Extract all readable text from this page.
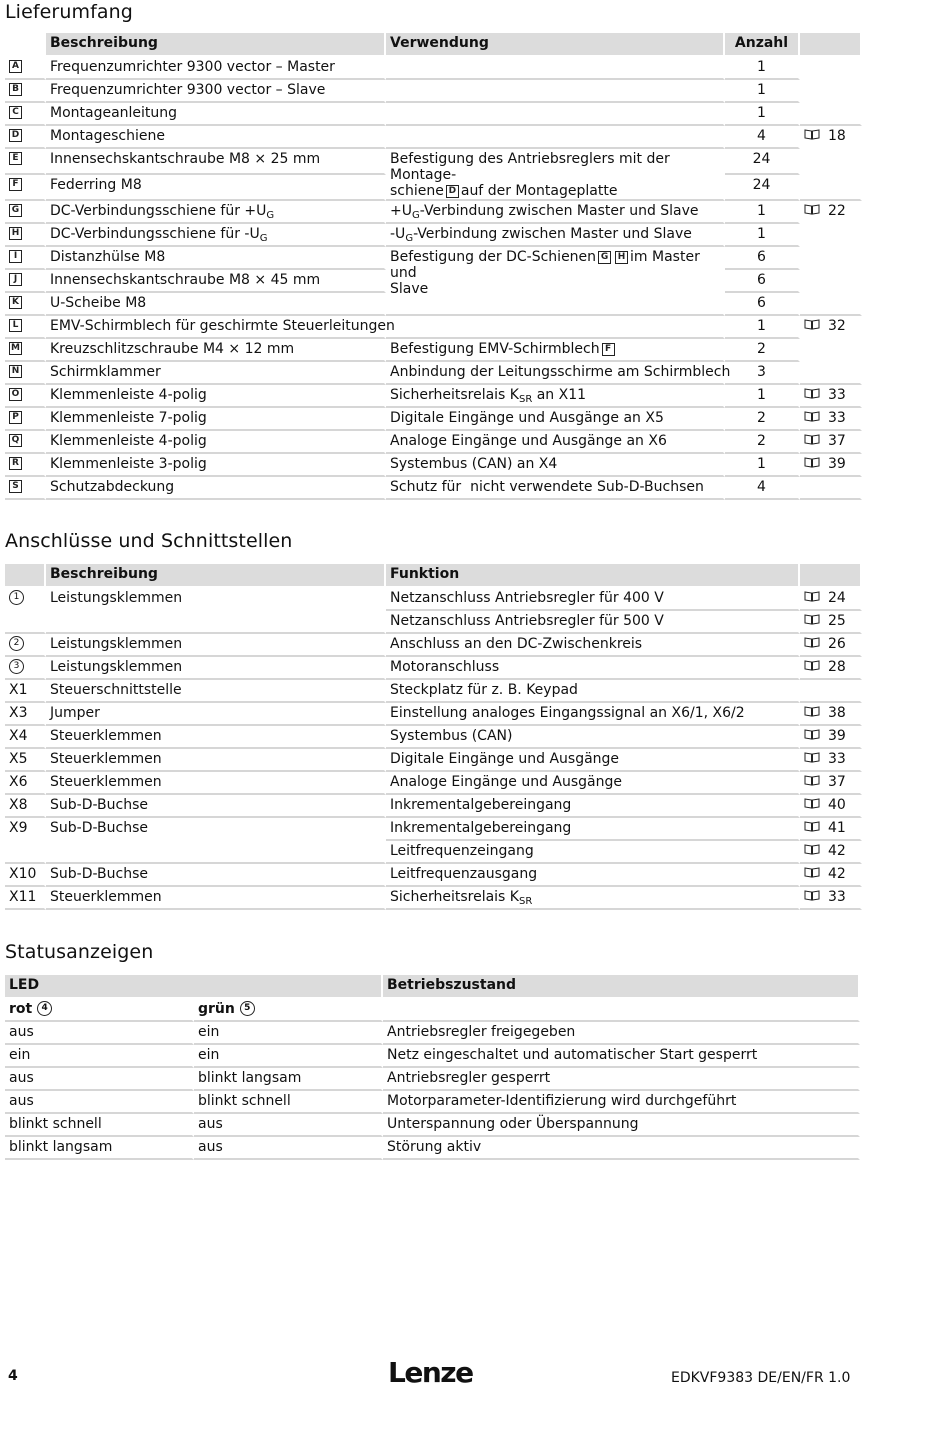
Lieferumfang
	Beschreibung	Verwendung	Anzahl	
A	Frequenzumrichter 9300 vector – Master		1	
B	Frequenzumrichter 9300 vector – Slave		1	
C	Montageanleitung		1	
D	Montageschiene		4	18
E	Innensechskantschraube M8 × 25 mm	Befestigung des Antriebsreglers mit der Montage-
schiene D auf der Montageplatte	24	
F	Federring M8		24	
G	DC-Verbindungsschiene für $+U_G$	$+U_G$-Verbindung zwischen Master und Slave	1	22
H	DC-Verbindungsschiene für $-U_G$	$-U_G$-Verbindung zwischen Master und Slave	1	
I	Distanzhülse M8	Befestigung der DC-Schienen G H im Master und
Slave	6	
J	Innensechskantschraube M8 × 45 mm		6	
K	U-Scheibe M8		6	
L	EMV-Schirmblech für geschirmte Steuerleitungen		1	32
M	Kreuzschlitzschraube M4 × 12 mm	Befestigung EMV-Schirmblech F	2	
N	Schirmklammer	Anbindung der Leitungsschirme am Schirmblech	3	
O	Klemmenleiste 4-polig	Sicherheitsrelais $K_{SR}$ an X11	1	33
P	Klemmenleiste 7-polig	Digitale Eingänge und Ausgänge an X5	2	33
Q	Klemmenleiste 4-polig	Analoge Eingänge und Ausgänge an X6	2	37
R	Klemmenleiste 3-polig	Systembus (CAN) an X4	1	39
S	Schutzabdeckung	Schutz für  nicht verwendete Sub-D-Buchsen	4	
Anschlüsse und Schnittstellen
	Beschreibung	Funktion	
1	Leistungsklemmen	Netzanschluss Antriebsregler für 400 V	24
		Netzanschluss Antriebsregler für 500 V	25
2	Leistungsklemmen	Anschluss an den DC-Zwischenkreis	26
3	Leistungsklemmen	Motoranschluss	28
X1	Steuerschnittstelle	Steckplatz für z. B. Keypad	
X3	Jumper	Einstellung analoges Eingangssignal an X6/1, X6/2	38
X4	Steuerklemmen	Systembus (CAN)	39
X5	Steuerklemmen	Digitale Eingänge und Ausgänge	33
X6	Steuerklemmen	Analoge Eingänge und Ausgänge	37
X8	Sub-D-Buchse	Inkrementalgebereingang	40
X9	Sub-D-Buchse	Inkrementalgebereingang	41
		Leitfrequenzeingang	42
X10	Sub-D-Buchse	Leitfrequenzausgang	42
X11	Steuerklemmen	Sicherheitsrelais $K_{SR}$	33
Statusanzeigen
LED		Betriebszustand
rot 4	grün 5	
aus	ein	Antriebsregler freigegeben
ein	ein	Netz eingeschaltet und automatischer Start gesperrt
aus	blinkt langsam	Antriebsregler gesperrt
aus	blinkt schnell	Motorparameter-Identifizierung wird durchgeführt
blinkt schnell	aus	Unterspannung oder Überspannung
blinkt langsam	aus	Störung aktiv
4	Lenze	EDKVF9383 DE/EN/FR 1.0
